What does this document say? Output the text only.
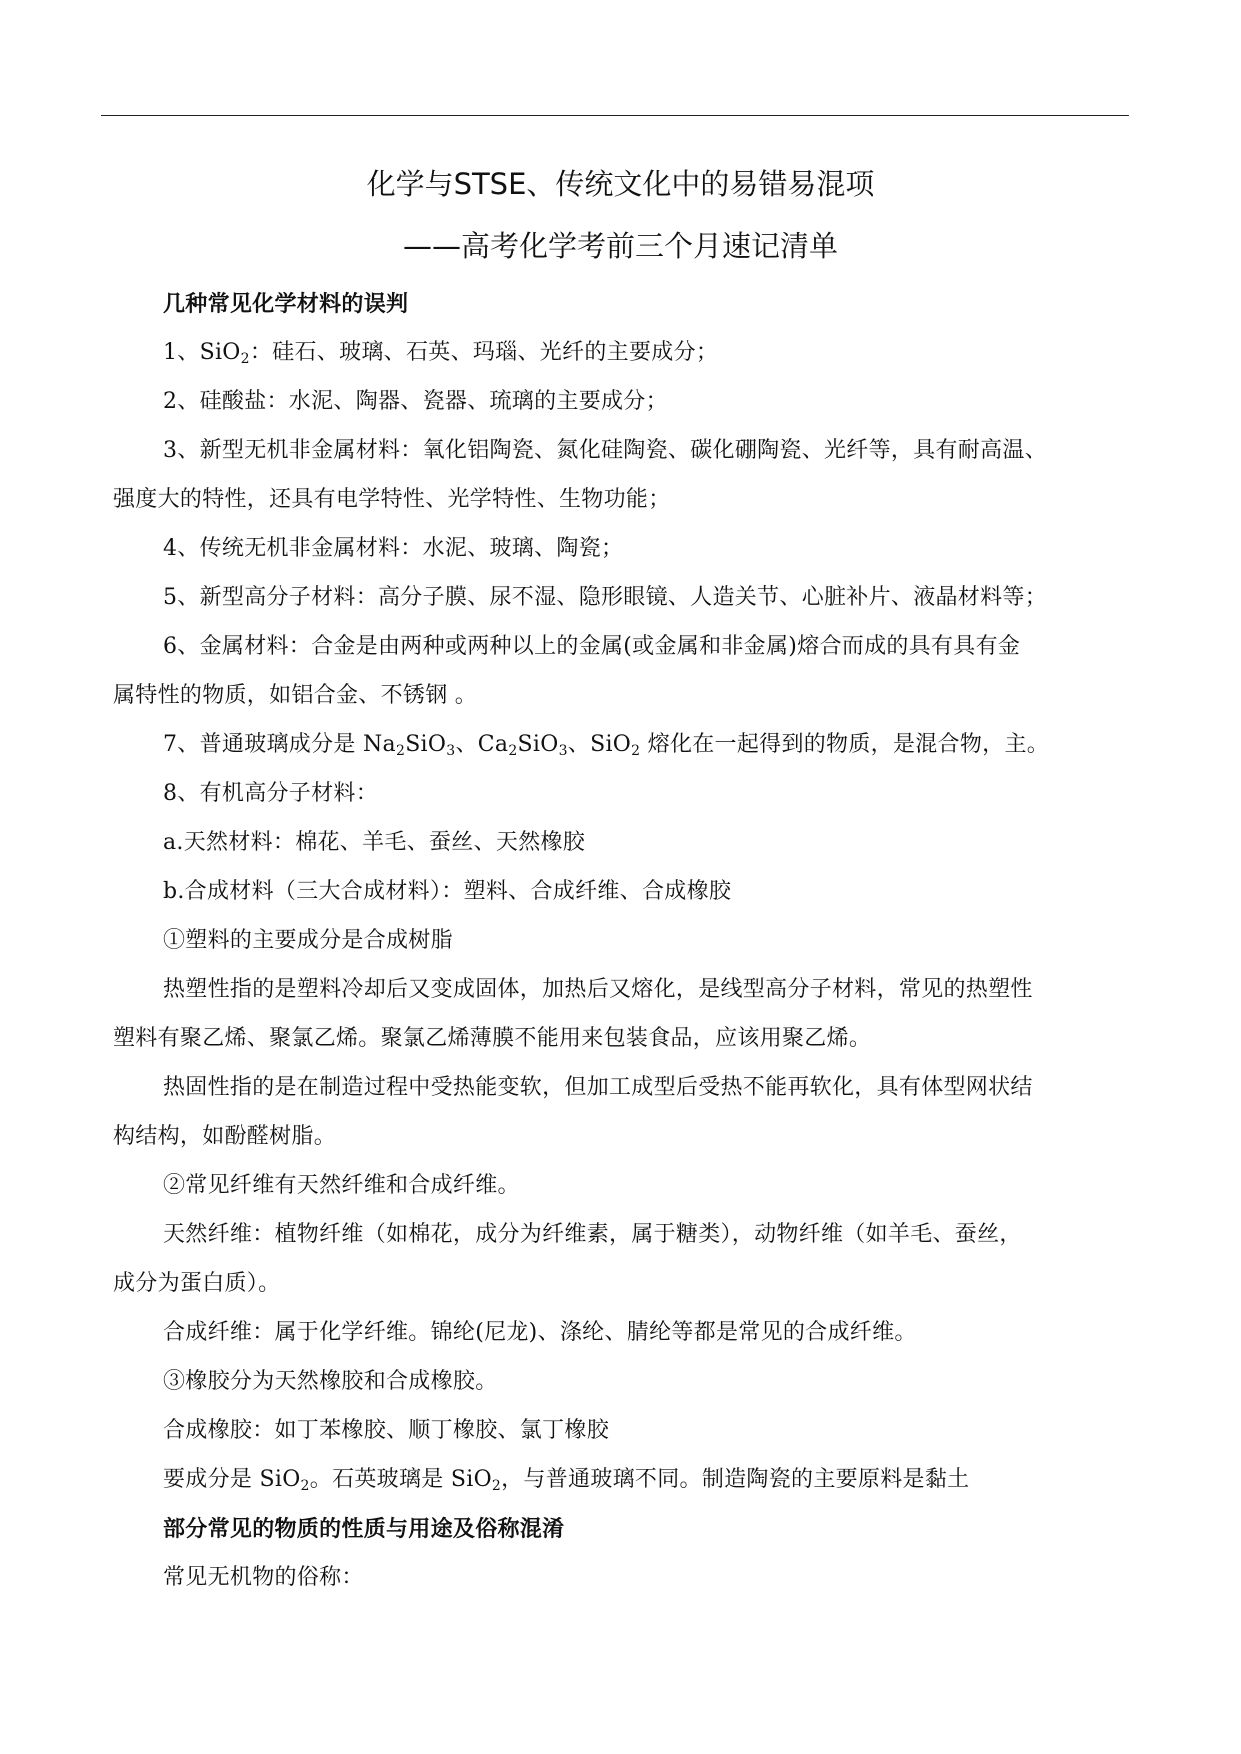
化学与STSE、传统文化中的易错易混项
——高考化学考前三个月速记清单
几种常见化学材料的误判
1、SiO$_2$：硅石、玻璃、石英、玛瑙、光纤的主要成分；
2、硅酸盐：水泥、陶器、瓷器、琉璃的主要成分；
3、新型无机非金属材料：氧化铝陶瓷、氮化硅陶瓷、碳化硼陶瓷、光纤等，具有耐高温、
强度大的特性，还具有电学特性、光学特性、生物功能；
4、传统无机非金属材料：水泥、玻璃、陶瓷；
5、新型高分子材料：高分子膜、尿不湿、隐形眼镜、人造关节、心脏补片、液晶材料等；
6、金属材料：合金是由两种或两种以上的金属(或金属和非金属)熔合而成的具有具有金
属特性的物质，如铝合金、不锈钢 。
7、普通玻璃成分是 $Na_2SiO_3$、$Ca_2SiO_3$、SiO$_2$ 熔化在一起得到的物质，是混合物，主。
8、有机高分子材料：
a.天然材料：棉花、羊毛、蚕丝、天然橡胶
b.合成材料（三大合成材料）：塑料、合成纤维、合成橡胶
①塑料的主要成分是合成树脂
热塑性指的是塑料冷却后又变成固体，加热后又熔化，是线型高分子材料，常见的热塑性
塑料有聚乙烯、聚氯乙烯。聚氯乙烯薄膜不能用来包装食品，应该用聚乙烯。
热固性指的是在制造过程中受热能变软，但加工成型后受热不能再软化，具有体型网状结
构结构，如酚醛树脂。
②常见纤维有天然纤维和合成纤维。
天然纤维：植物纤维（如棉花，成分为纤维素，属于糖类），动物纤维（如羊毛、蚕丝，
成分为蛋白质）。
合成纤维：属于化学纤维。锦纶(尼龙)、涤纶、腈纶等都是常见的合成纤维。
③橡胶分为天然橡胶和合成橡胶。
合成橡胶：如丁苯橡胶、顺丁橡胶、氯丁橡胶
要成分是 SiO$_2$。石英玻璃是 SiO$_2$，与普通玻璃不同。制造陶瓷的主要原料是黏土
部分常见的物质的性质与用途及俗称混淆
常见无机物的俗称：
